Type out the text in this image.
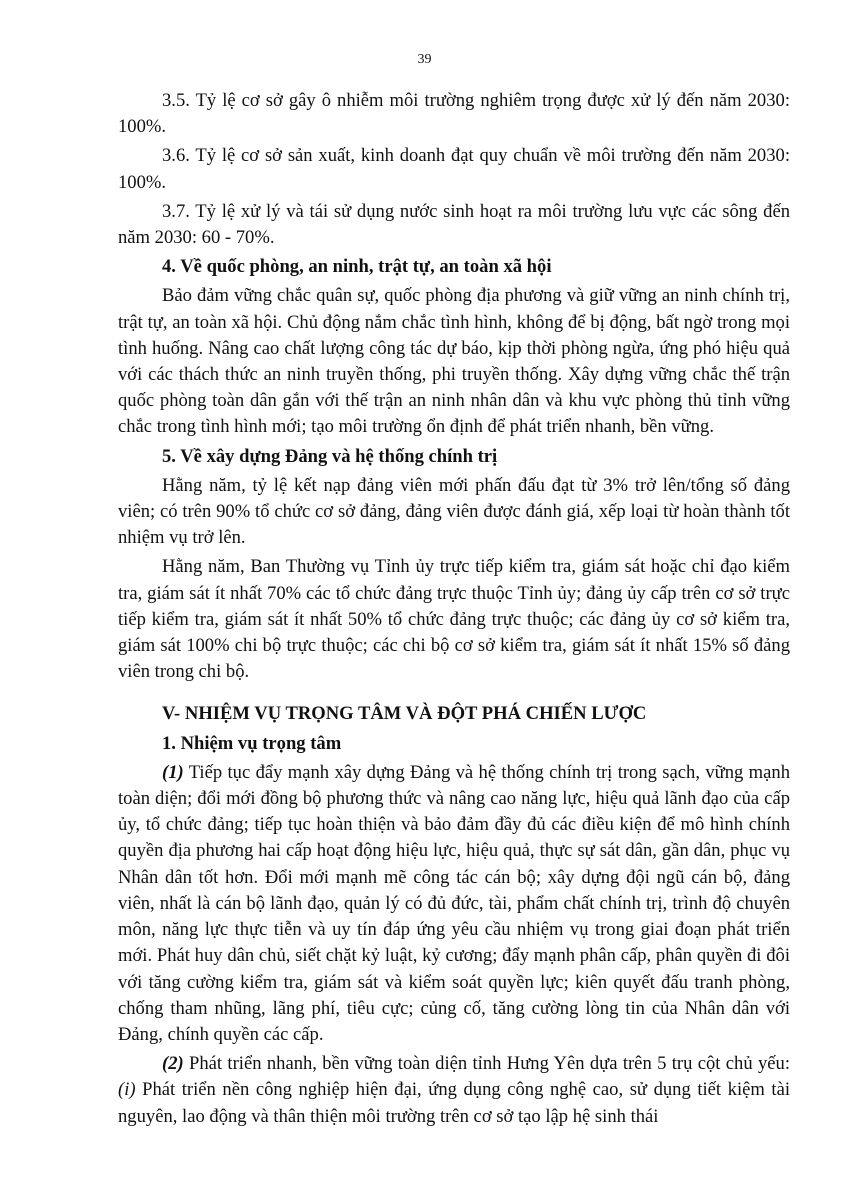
39

3.5. Tỷ lệ cơ sở gây ô nhiễm môi trường nghiêm trọng được xử lý đến năm 2030: 100%.

3.6. Tỷ lệ cơ sở sản xuất, kinh doanh đạt quy chuẩn về môi trường đến năm 2030: 100%.

3.7. Tỷ lệ xử lý và tái sử dụng nước sinh hoạt ra môi trường lưu vực các sông đến năm 2030: 60 - 70%.

4. Về quốc phòng, an ninh, trật tự, an toàn xã hội

Bảo đảm vững chắc quân sự, quốc phòng địa phương và giữ vững an ninh chính trị, trật tự, an toàn xã hội. Chủ động nắm chắc tình hình, không để bị động, bất ngờ trong mọi tình huống. Nâng cao chất lượng công tác dự báo, kịp thời phòng ngừa, ứng phó hiệu quả với các thách thức an ninh truyền thống, phi truyền thống. Xây dựng vững chắc thế trận quốc phòng toàn dân gắn với thế trận an ninh nhân dân và khu vực phòng thủ tỉnh vững chắc trong tình hình mới; tạo môi trường ổn định để phát triển nhanh, bền vững.

5. Về xây dựng Đảng và hệ thống chính trị

Hằng năm, tỷ lệ kết nạp đảng viên mới phấn đấu đạt từ 3% trở lên/tổng số đảng viên; có trên 90% tổ chức cơ sở đảng, đảng viên được đánh giá, xếp loại từ hoàn thành tốt nhiệm vụ trở lên.

Hằng năm, Ban Thường vụ Tỉnh ủy trực tiếp kiểm tra, giám sát hoặc chỉ đạo kiểm tra, giám sát ít nhất 70% các tổ chức đảng trực thuộc Tỉnh ủy; đảng ủy cấp trên cơ sở trực tiếp kiểm tra, giám sát ít nhất 50% tổ chức đảng trực thuộc; các đảng ủy cơ sở kiểm tra, giám sát 100% chi bộ trực thuộc; các chi bộ cơ sở kiểm tra, giám sát ít nhất 15% số đảng viên trong chi bộ.

V- NHIỆM VỤ TRỌNG TÂM VÀ ĐỘT PHÁ CHIẾN LƯỢC

1. Nhiệm vụ trọng tâm

(1) Tiếp tục đẩy mạnh xây dựng Đảng và hệ thống chính trị trong sạch, vững mạnh toàn diện; đổi mới đồng bộ phương thức và nâng cao năng lực, hiệu quả lãnh đạo của cấp ủy, tổ chức đảng; tiếp tục hoàn thiện và bảo đảm đầy đủ các điều kiện để mô hình chính quyền địa phương hai cấp hoạt động hiệu lực, hiệu quả, thực sự sát dân, gần dân, phục vụ Nhân dân tốt hơn. Đổi mới mạnh mẽ công tác cán bộ; xây dựng đội ngũ cán bộ, đảng viên, nhất là cán bộ lãnh đạo, quản lý có đủ đức, tài, phẩm chất chính trị, trình độ chuyên môn, năng lực thực tiễn và uy tín đáp ứng yêu cầu nhiệm vụ trong giai đoạn phát triển mới. Phát huy dân chủ, siết chặt kỷ luật, kỷ cương; đẩy mạnh phân cấp, phân quyền đi đôi với tăng cường kiểm tra, giám sát và kiểm soát quyền lực; kiên quyết đấu tranh phòng, chống tham nhũng, lãng phí, tiêu cực; củng cố, tăng cường lòng tin của Nhân dân với Đảng, chính quyền các cấp.

(2) Phát triển nhanh, bền vững toàn diện tỉnh Hưng Yên dựa trên 5 trụ cột chủ yếu: (i) Phát triển nền công nghiệp hiện đại, ứng dụng công nghệ cao, sử dụng tiết kiệm tài nguyên, lao động và thân thiện môi trường trên cơ sở tạo lập hệ sinh thái
